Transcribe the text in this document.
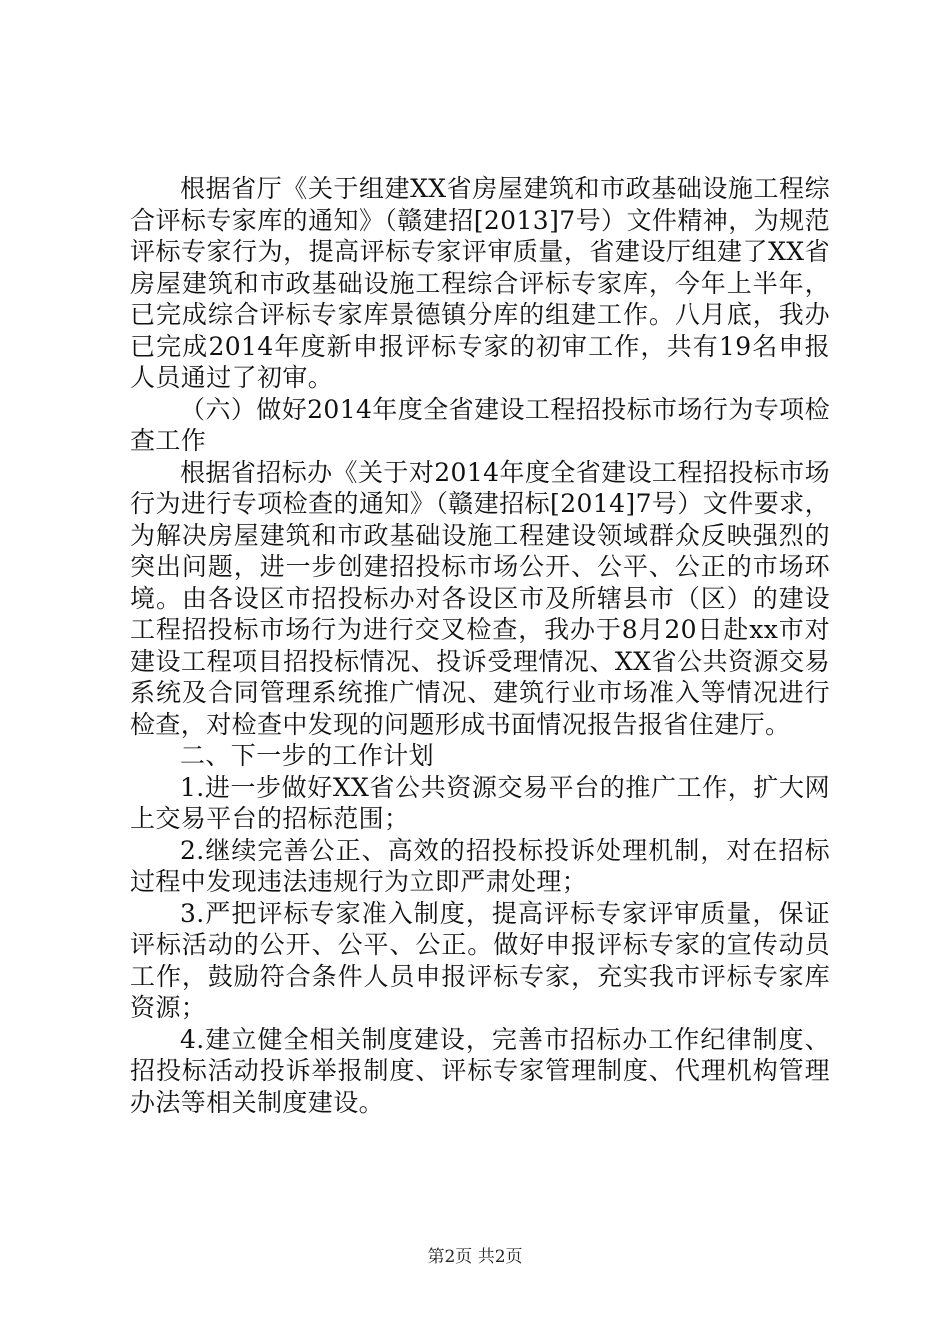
根据省厅《关于组建XX省房屋建筑和市政基础设施工程综合评标专家库的通知》（赣建招[2013]7号）文件精神，为规范评标专家行为，提高评标专家评审质量，省建设厅组建了XX省房屋建筑和市政基础设施工程综合评标专家库，今年上半年，已完成综合评标专家库景德镇分库的组建工作。八月底，我办已完成2014年度新申报评标专家的初审工作，共有19名申报人员通过了初审。

（六）做好2014年度全省建设工程招投标市场行为专项检查工作

根据省招标办《关于对2014年度全省建设工程招投标市场行为进行专项检查的通知》（赣建招标[2014]7号）文件要求，为解决房屋建筑和市政基础设施工程建设领域群众反映强烈的突出问题，进一步创建招投标市场公开、公平、公正的市场环境。由各设区市招投标办对各设区市及所辖县市（区）的建设工程招投标市场行为进行交叉检查，我办于8月20日赴xx市对建设工程项目招投标情况、投诉受理情况、XX省公共资源交易系统及合同管理系统推广情况、建筑行业市场准入等情况进行检查，对检查中发现的问题形成书面情况报告报省住建厅。

二、下一步的工作计划

1.进一步做好XX省公共资源交易平台的推广工作，扩大网上交易平台的招标范围；

2.继续完善公正、高效的招投标投诉处理机制，对在招标过程中发现违法违规行为立即严肃处理；

3.严把评标专家准入制度，提高评标专家评审质量，保证评标活动的公开、公平、公正。做好申报评标专家的宣传动员工作，鼓励符合条件人员申报评标专家，充实我市评标专家库资源；

4.建立健全相关制度建设，完善市招标办工作纪律制度、招投标活动投诉举报制度、评标专家管理制度、代理机构管理办法等相关制度建设。

第2页 共2页
